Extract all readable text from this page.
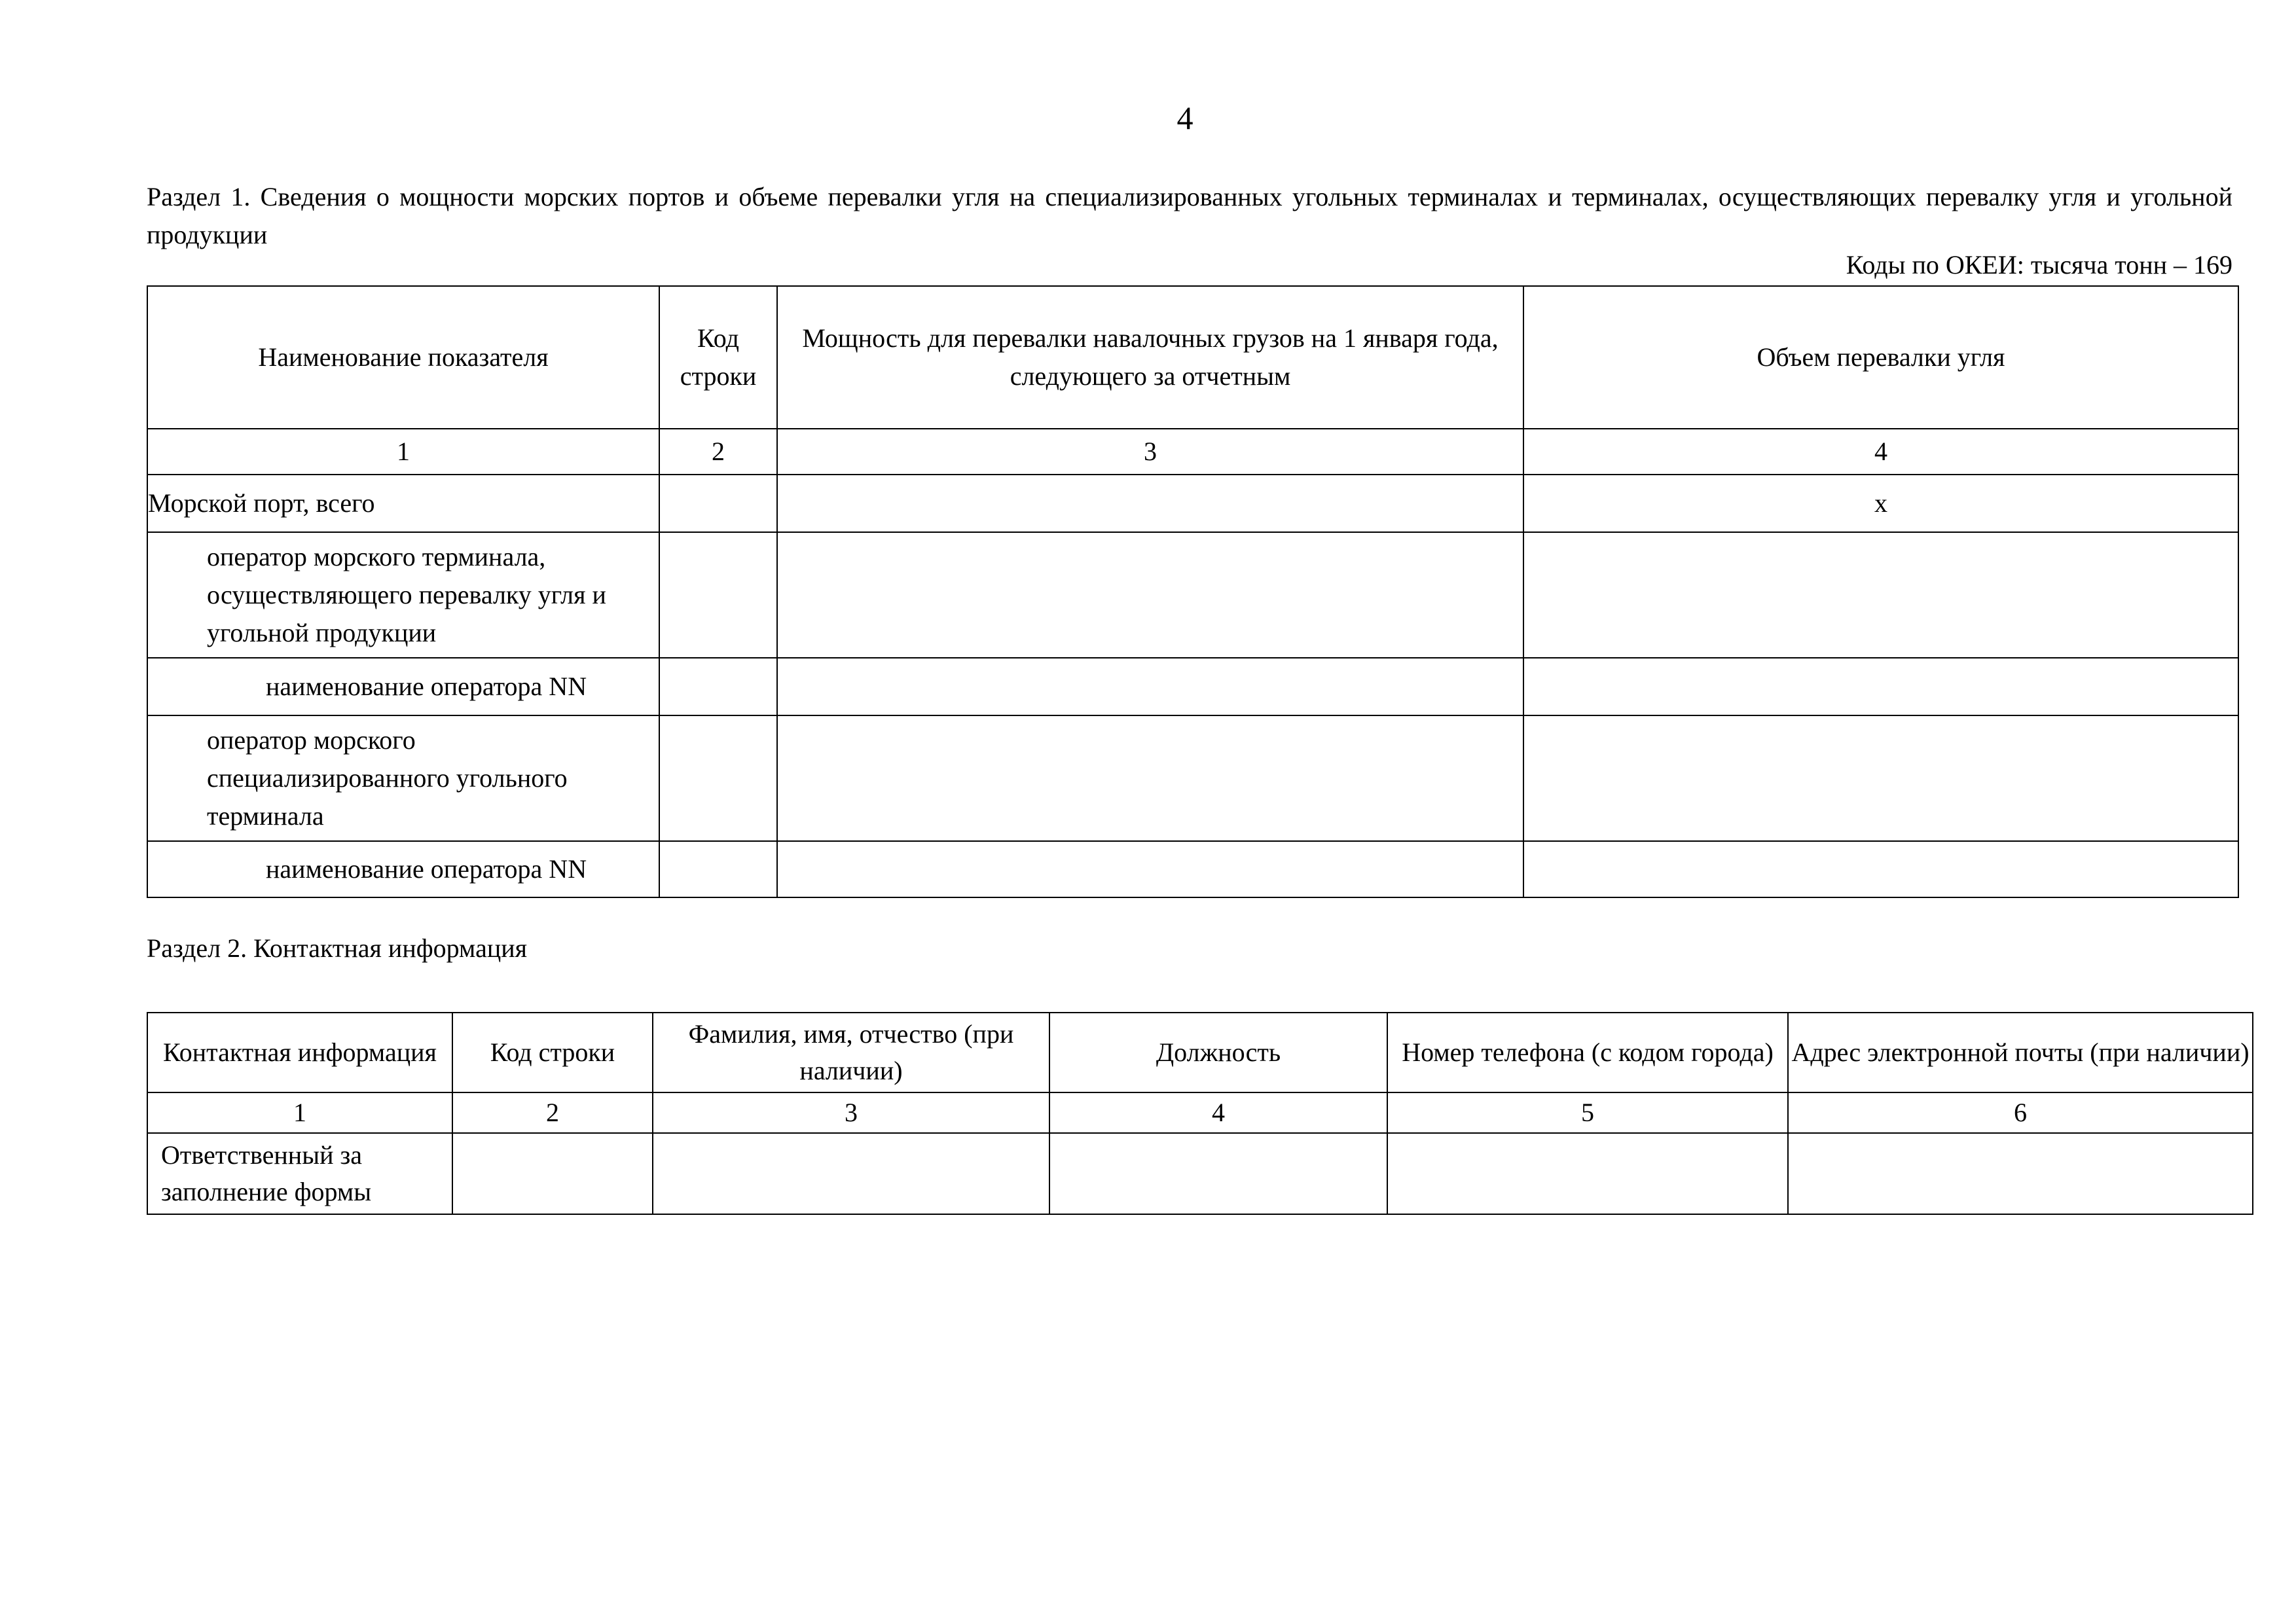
4
Раздел 1. Сведения о мощности морских портов и объеме перевалки угля на специализированных угольных терминалах и терминалах, осуществляющих перевалку угля и угольной продукции
Коды по ОКЕИ: тысяча тонн – 169
Наименование показателя	Код строки	Мощность для перевалки навалочных грузов на 1 января года, следующего за отчетным	Объем перевалки угля
1	2	3	4
Морской порт, всего			x
оператор морского терминала, осуществляющего перевалку угля и угольной продукции			
наименование оператора NN			
оператор морского специализированного угольного терминала			
наименование оператора NN			
Раздел 2. Контактная информация
Контактная информация	Код строки	Фамилия, имя, отчество (при наличии)	Должность	Номер телефона (с кодом города)	Адрес электронной почты (при наличии)
1	2	3	4	5	6
Ответственный за заполнение формы					
